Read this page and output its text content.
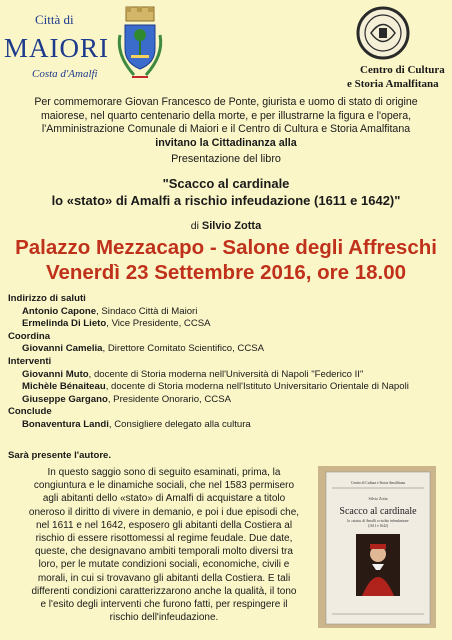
Città di
MAIORI
Costa d'Amalfi	Centro di Cultura
e Storia Amalfitana

Per commemorare Giovan Francesco de Ponte, giurista e uomo di stato di origine

maiorese, nel quarto centenario della morte, e per illustrarne la figura e l'opera,

l'Amministrazione Comunale di Maiori e il Centro di Cultura e Storia Amalfitana

invitano la Cittadinanza alla
Presentazione del libro
"Scacco al cardinale
lo «stato» di Amalfi a rischio infeudazione (1611 e 1642)"
di Silvio Zotta
Palazzo Mezzacapo - Salone degli Affreschi
Venerdì 23 Settembre 2016, ore 18.00
Indirizzo di saluti
Antonio Capone, Sindaco Città di Maiori
Ermelinda Di Lieto, Vice Presidente, CCSA
Coordina
Giovanni Camelia, Direttore Comitato Scientifico, CCSA
Interventi
Giovanni Muto, docente di Storia moderna nell'Università di Napoli "Federico II"
Michèle Bénaiteau, docente di Storia moderna nell'Istituto Universitario Orientale di Napoli
Giuseppe Gargano, Presidente Onorario, CCSA
Conclude
Bonaventura Landi, Consigliere delegato alla cultura
Sarà presente l'autore.
In questo saggio sono di seguito esaminati, prima, la
congiuntura e le dinamiche sociali, che nel 1583 permisero
agli abitanti dello «stato» di Amalfi di acquistare a titolo
oneroso il diritto di vivere in demanio, e poi i due episodi che,
nel 1611 e nel 1642, esposero gli abitanti della Costiera al
rischio di essere risottomessi al regime feudale. Due date,
queste, che designavano ambiti temporali molto diversi tra
loro, per le mutate condizioni sociali, economiche, civili e
morali, in cui si trovavano gli abitanti della Costiera. E tali
differenti condizioni caratterizzarono anche la qualità, il tono
e l'esito degli interventi che furono fatti, per respingere il
rischio dell'infeudazione.
Centro di Cultura e Storia Amalfitana
Silvio Zotta
Scacco al cardinale
lo «stato» di Amalfi a rischio infeudazione
(1611 e 1642)
